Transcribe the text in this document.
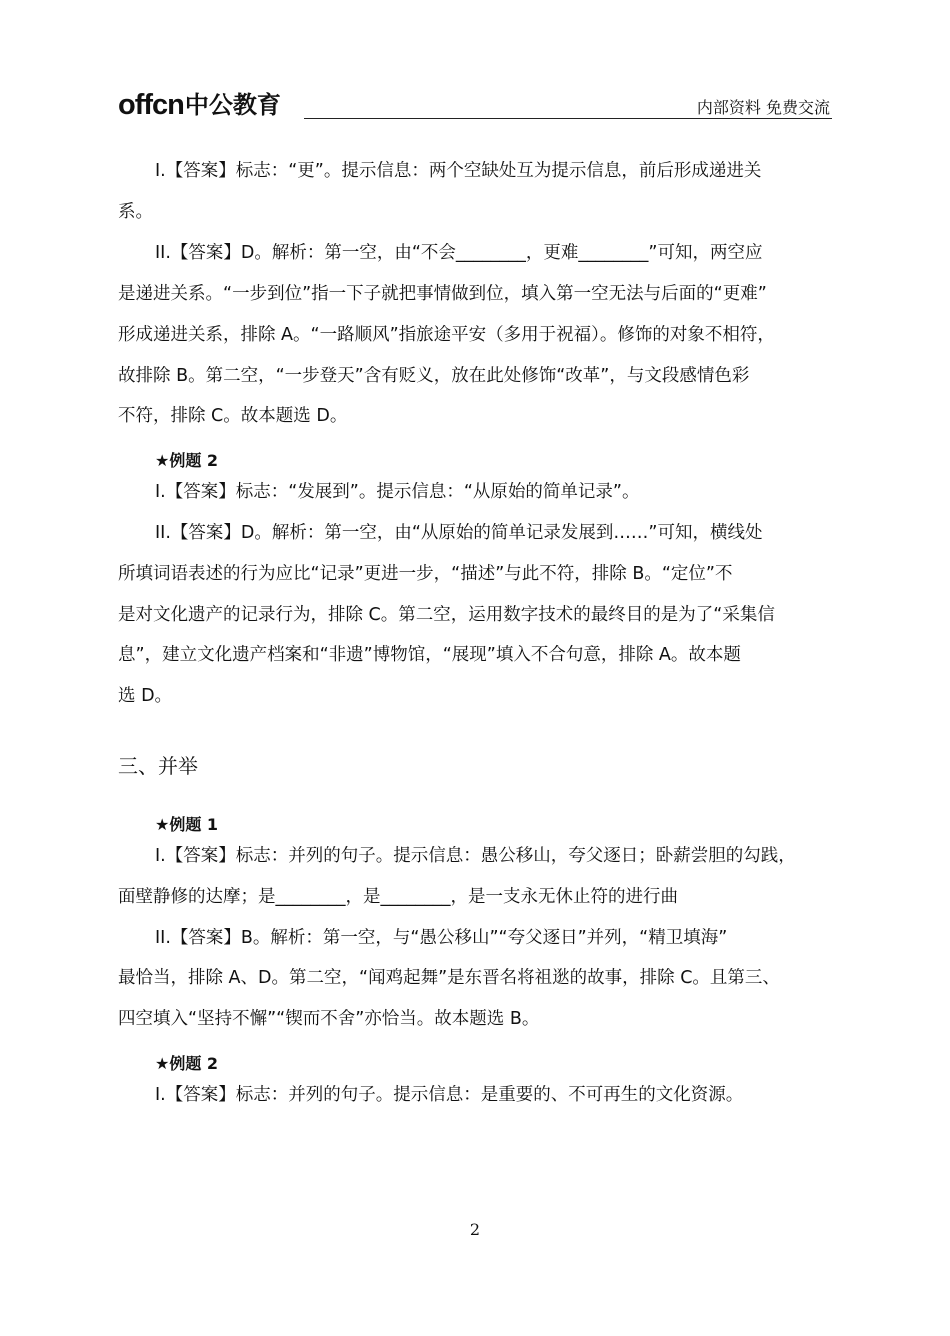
offcn 中公教育	内部资料 免费交流
I.【答案】标志：“更”。提示信息：两个空缺处互为提示信息，前后形成递进关
系。
II.【答案】D。解析：第一空，由“不会________，更难________”可知，两空应
是递进关系。“一步到位”指一下子就把事情做到位，填入第一空无法与后面的“更难”
形成递进关系，排除 A。“一路顺风”指旅途平安（多用于祝福）。修饰的对象不相符，
故排除 B。第二空，“一步登天”含有贬义，放在此处修饰“改革”，与文段感情色彩
不符，排除 C。故本题选 D。
★例题 2
I.【答案】标志：“发展到”。提示信息：“从原始的简单记录”。
II.【答案】D。解析：第一空，由“从原始的简单记录发展到……”可知，横线处
所填词语表述的行为应比“记录”更进一步，“描述”与此不符，排除 B。“定位”不
是对文化遗产的记录行为，排除 C。第二空，运用数字技术的最终目的是为了“采集信
息”，建立文化遗产档案和“非遗”博物馆，“展现”填入不合句意，排除 A。故本题
选 D。
三、并举
★例题 1
I.【答案】标志：并列的句子。提示信息：愚公移山，夸父逐日；卧薪尝胆的勾践，
面壁静修的达摩；是________，是________，是一支永无休止符的进行曲
II.【答案】B。解析：第一空，与“愚公移山”“夸父逐日”并列，“精卫填海”
最恰当，排除 A、D。第二空，“闻鸡起舞”是东晋名将祖逖的故事，排除 C。且第三、
四空填入“坚持不懈”“锲而不舍”亦恰当。故本题选 B。
★例题 2
I.【答案】标志：并列的句子。提示信息：是重要的、不可再生的文化资源。
2
